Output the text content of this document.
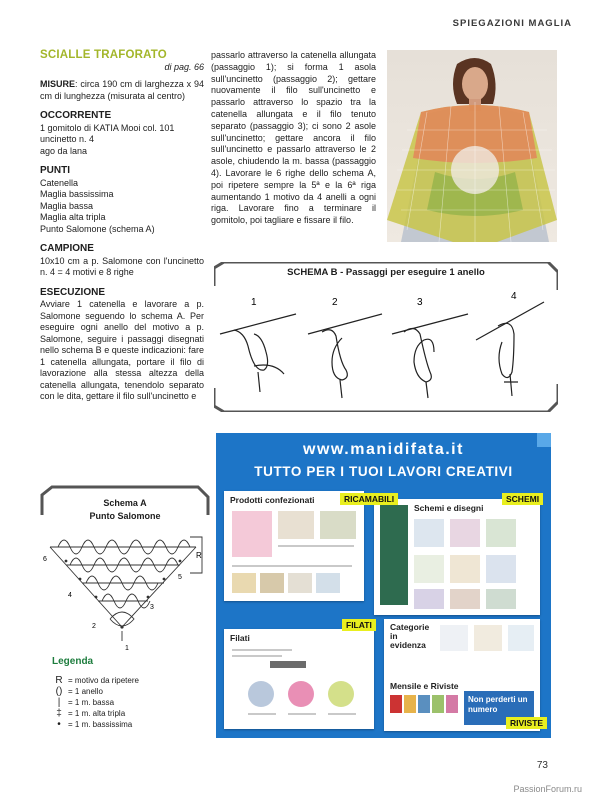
SPIEGAZIONI MAGLIA
SCIALLE TRAFORATO
di pag. 66
MISURE: circa 190 cm di larghezza x 94 cm di lunghezza (misurata al centro)
OCCORRENTE
1 gomitolo di KATIA Mooi col. 101
uncinetto n. 4
ago da lana
PUNTI
Catenella
Maglia bassissima
Maglia bassa
Maglia alta tripla
Punto Salomone (schema A)
CAMPIONE
10x10 cm a p. Salomone con l'uncinetto n. 4 = 4 motivi e 8 righe
ESECUZIONE
Avviare 1 catenella e lavorare a p. Salomone seguendo lo schema A. Per eseguire ogni anello del motivo a p. Salomone, seguire i passaggi disegnati nello schema B e queste indicazioni: fare 1 catenella allungata, portare il filo di lavorazione alla stessa altezza della catenella allungata, tenendolo separato con le dita, gettare il filo sull'uncinetto e
passarlo attraverso la catenella allungata (passaggio 1); si forma 1 asola sull'uncinetto (passaggio 2); gettare nuovamente il filo sull'uncinetto e passarlo attraverso lo spazio tra la catenella allungata e il filo tenuto separato (passaggio 3); ci sono 2 asole sull'uncinetto; gettare ancora il filo sull'uncinetto e passarlo attraverso le 2 asole, chiudendo la m. bassa (passaggio 4). Lavorare le 6 righe dello schema A, poi ripetere sempre la 5ª e la 6ª riga aumentando 1 motivo da 4 anelli a ogni riga. Lavorare fino a terminare il gomitolo, poi tagliare e fissare il filo.
SCHEMA B - Passaggi per eseguire 1 anello
1	2	3
4
Schema A
Punto Salomone
1
2
3
4
5
6	R
Legenda
R = motivo da ripetere
() = 1 anello
| = 1 m. bassa
‡ = 1 m. alta tripla
• = 1 m. bassissima
www.manidifata.it
TUTTO PER I TUOI LAVORI CREATIVI
Prodotti confezionati	RICAMABILI
Schemi e disegni
SCHEMI
Filati
FILATI	Categorie in evidenza
Mensile e Riviste
Non perderti un numero
RIVISTE
73
PassionForum.ru
